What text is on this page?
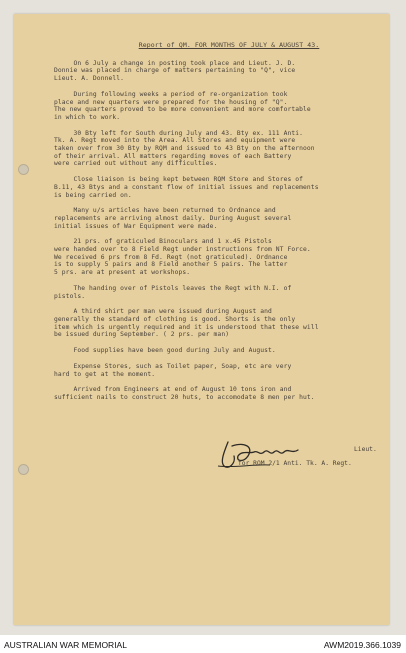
Report of QM. FOR MONTHS OF JULY & AUGUST 43.
On 6 July a change in posting took place and Lieut. J. D.
Donnie was placed in charge of matters pertaining to "Q", vice
Lieut. A. Donnell.
During following weeks a period of re-organization took
place and new quarters were prepared for the housing of "Q".
The new quarters proved to be more convenient and more comfortable
in which to work.
30 Bty left for South during July and 43. Bty ex. 111 Anti.
Tk. A. Regt moved into the Area. All Stores and equipment were
taken over from 30 Bty by RQM and issued to 43 Bty on the afternoon
of their arrival. All matters regarding moves of each Battery
were carried out without any difficulties.
Close liaison is being kept between RQM Store and Stores of
B.11, 43 Btys and a constant flow of initial issues and replacements
is being carried on.
Many u/s articles have been returned to Ordnance and
replacements are arriving almost daily. During August several
initial issues of War Equipment were made.
21 prs. of graticuled Binoculars and 1 x.45 Pistols
were handed over to 8 Field Regt under instructions from NT Force.
We received 6 prs from 8 Fd. Regt (not graticuled). Ordnance
is to supply 5 pairs and 8 Field another 5 pairs. The latter
5 prs. are at present at workshops.
The handing over of Pistols leaves the Regt with N.I. of
pistols.
A third shirt per man were issued during August and
generally the standard of clothing is good. Shorts is the only
item which is urgently required and it is understood that these will
be issued during September. ( 2 prs. per man)
Food supplies have been good during July and August.
Expense Stores, such as Toilet paper, Soap, etc are very
hard to get at the moment.
Arrived from Engineers at end of August 10 tons iron and
sufficient nails to construct 20 huts, to accomodate 8 men per hut.
Lieut.
for RQM 2/1 Anti. Tk. A. Regt.
AUSTRALIAN WAR MEMORIAL	AWM2019.366.1039
